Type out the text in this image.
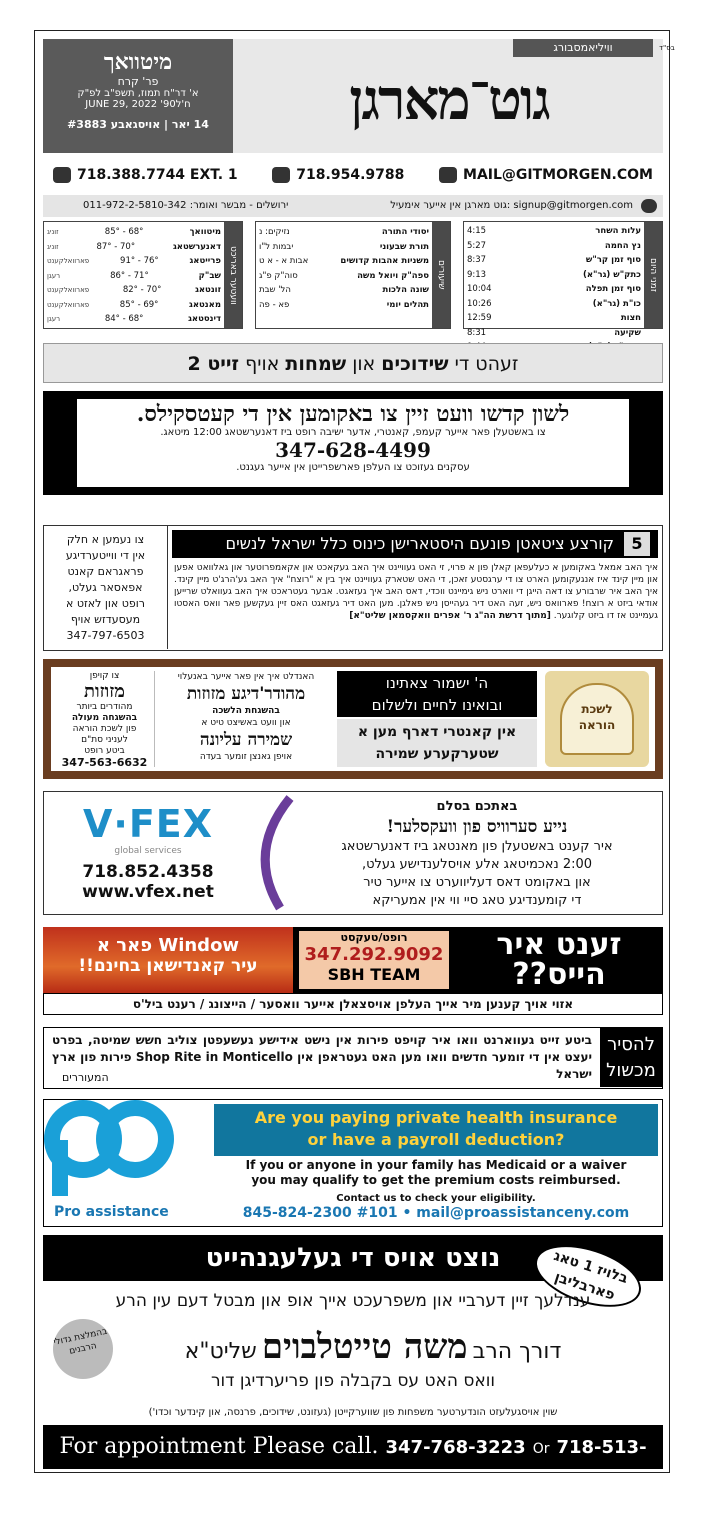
מיטוואך
פר' קרח
א' דר"ח תמוז, תשפ"ב לפ"ק
JUNE 29, 2022 '90ח'ל
14 יאר | אויסגאבע #3883
וויליאמסבורג	בס"ד
גוט־מארגן
718.388.7744 EXT. 1	718.954.9788	MAIL@GITMORGEN.COM
ירושלים - מבשר ואומר: 011-972-2-5810-342	signup@gitmorgen.com :גוט מארגן אין אייער אימעיל
וועטער באריכט
זוניג	85° - 68°	מיטוואך
זוניג	87° - 70°	דאנערשטאג
פארוואלקענט	91° - 76°	פרייטאג
רעגן	86° - 71°	שב"ק
פארוואלקענט	82° - 70°	זונטאג
פארוואלקענט	85° - 69°	מאנטאג
רעגן	84° - 68°	דינסטאג
שיעורים
נזיקים: נ	יסודי התורה
יבמות ל"ו	תורת שבעוני
אבות א - א ט	משניות אהבות קדושים
סוה"ק פ"ג	ספה"ק ויואל משה
הל' שבת	שונה הלכות
פא - פה	תהלים יומי
זמני היום
4:15	עלות השחר
5:27	נץ החמה
8:37	סוף זמן קר"ש
9:13	כתק"ש (גר"א)
10:04	סוף זמן תפלה
10:26	כו"ת (גר"א)
12:59	חצות
8:31	שקיעה
זעהט די שידוכים און שמחות אויף זייט 2
לשון קדשו וועט זיין צו באקומען אין די קעטסקילס.
צו באשטעלן פאר אייער קעמפ, קאנטרי, אדער ישיבה רופט ביז דאנערשטאג 12:00 מיטאג.
347-628-4499
עסקנים געזוכט צו העלפן פארשפרייטן אין אייער געגנט.
צו נעמען א חלק
אין די ווייטערדיגע
פראגראם קאנט
אפאסאר געלט,
רופט און לאזט א
מעסעדזש אויף
347-797-6503
קורצע ציטאטן פונעם היסטארישן כינוס כלל ישראל לנשים	5
איך האב אמאל באקומען א כעלעפאן קאלן פון א פרוי, זי האט געוויינט איך האב געקאכט און אקאמפרוטער און גאלוואט אפען און מיין קינד איז אנגעקומען הארט צו די ערגסטע זאכן, די האט שטארק געוויינט איך בין א "רוצח" איך האב גע'הרג'ט מיין קינד. איך האב איר שרבורע צו דאה הייגן די ווארט ניש גימיינט ווכדי, דאס האב איך געזאגט. אבער געטראכט איך האב געוואלט שרייען אודאי ביזט א רוצח! פארוואס ניש, זעה האט דיר געהייסן ניש פאלגן. מען האט דיר געזאגט האס זיין געקשען פאר וואס האסטו געמיינט אז דו ביזט קלוגער. [מתוך דרשת הה"ג ר' אפרים וואקסמאן שליט"א]
צו קויפן
מזוזות
מהודרים ביותר
בהשגחה מעולה
פון לשכת הוראה
לעניני סת"ם
ביטע רופט
347-563-6632
האנדלט איך אין פאר אייער באנעלוי
מהודר'דיגע מזוזות
בהשגחת הלשכה
און וועט באשיצט טיט א
שמירה עליונה
אויפן גאנצן זומער בעדה
ה' ישמור צאתינו
ובואינו לחיים ולשלום
אין קאנטרי דארף מען א
שטערקערע שמירה
לשכת הוראה
V·FEX
global services
718.852.4358
www.vfex.net
באתכם בסלם
נייע סערוויס פון וועקסלער!
איר קענט באשטעלן פון מאנטאג ביז דאנערשטאג
2:00 נאכמיטאג אלע אויסלענדישע געלט,
און באקומט דאס דעליווערט צו אייער טיר
די קומענדיגע טאג סיי ווי אין אמעריקא
Window פאר א
עיר קאנדישאן בחינם!!
רופט/טעקסט
347.292.9092
SBH TEAM
זענט איר
הייס??
אזוי אויך קענען מיר אייך העלפן אויסצאלן אייער וואסער / הייצונג / רענט ביל'ס
להסיר מכשול
ביטע זייט געווארנט וואו איר קויפט פירות אין נישט אידישע געשעפטן צוליב חשש שמיטה, בפרט יעצט אין די זומער חדשים וואו מען האט געטראפן אין Shop Rite in Monticello פירות פון ארץ ישראל
המעוררים
Pro assistance
Are you paying private health insurance
or have a payroll deduction?
If you or anyone in your family has Medicaid or a waiver
you may qualify to get the premium costs reimbursed.
Contact us to check your eligibility.
845-824-2300 #101 • mail@proassistanceny.com
נוצט אויס די געלעגנהייט	בלויז 1 טאג פארבליבן
ענדלעך זיין דערביי און משפרעכט אייך אופ און מבטל דעם עין הרע
דורך הרב משה טייטלבוים שליט"א
וואס האט עס בקבלה פון פריערדיגן דור
בהמלצת גדולי הרבנים
שוין אויסגעלעזט הונדערטער משפחות פון שווערקייטן (געזונט, שידוכים, פרנסה, און קינדער וכדו')
For appointment Please call. 347-768-3223 Or 718-513-7772
